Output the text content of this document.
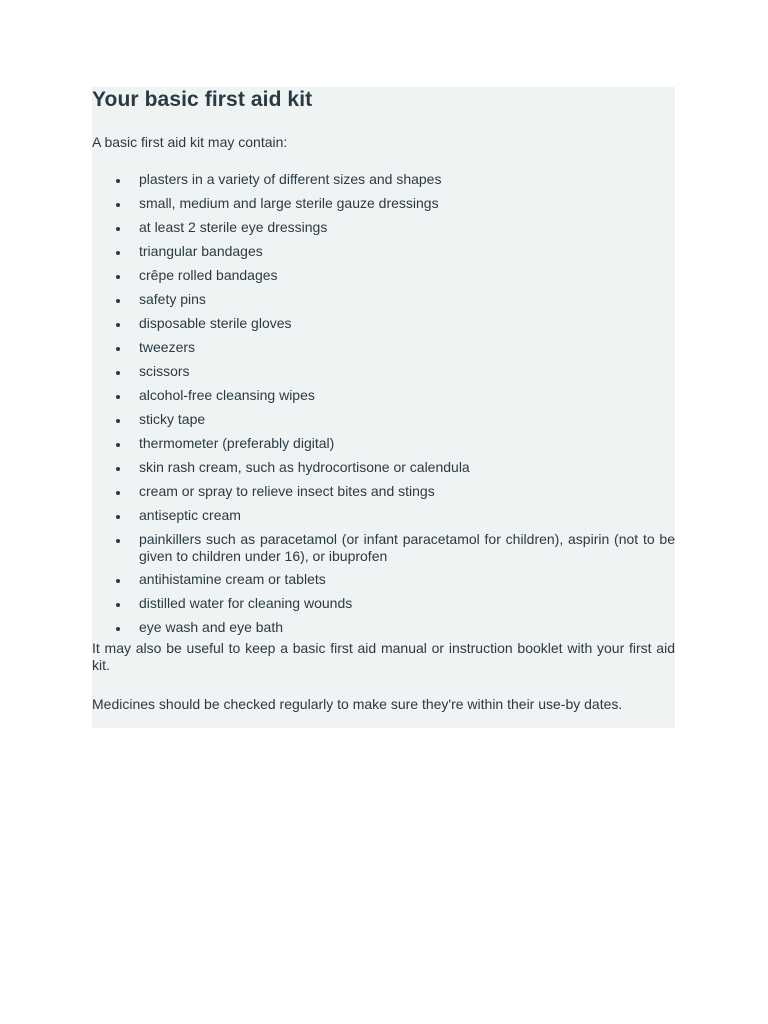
Your basic first aid kit

A basic first aid kit may contain:

plasters in a variety of different sizes and shapes
small, medium and large sterile gauze dressings
at least 2 sterile eye dressings
triangular bandages
crêpe rolled bandages
safety pins
disposable sterile gloves
tweezers
scissors
alcohol-free cleansing wipes
sticky tape
thermometer (preferably digital)
skin rash cream, such as hydrocortisone or calendula
cream or spray to relieve insect bites and stings
antiseptic cream
painkillers such as paracetamol (or infant paracetamol for children), aspirin (not to be given to children under 16), or ibuprofen
antihistamine cream or tablets
distilled water for cleaning wounds
eye wash and eye bath

It may also be useful to keep a basic first aid manual or instruction booklet with your first aid kit.

Medicines should be checked regularly to make sure they're within their use-by dates.
